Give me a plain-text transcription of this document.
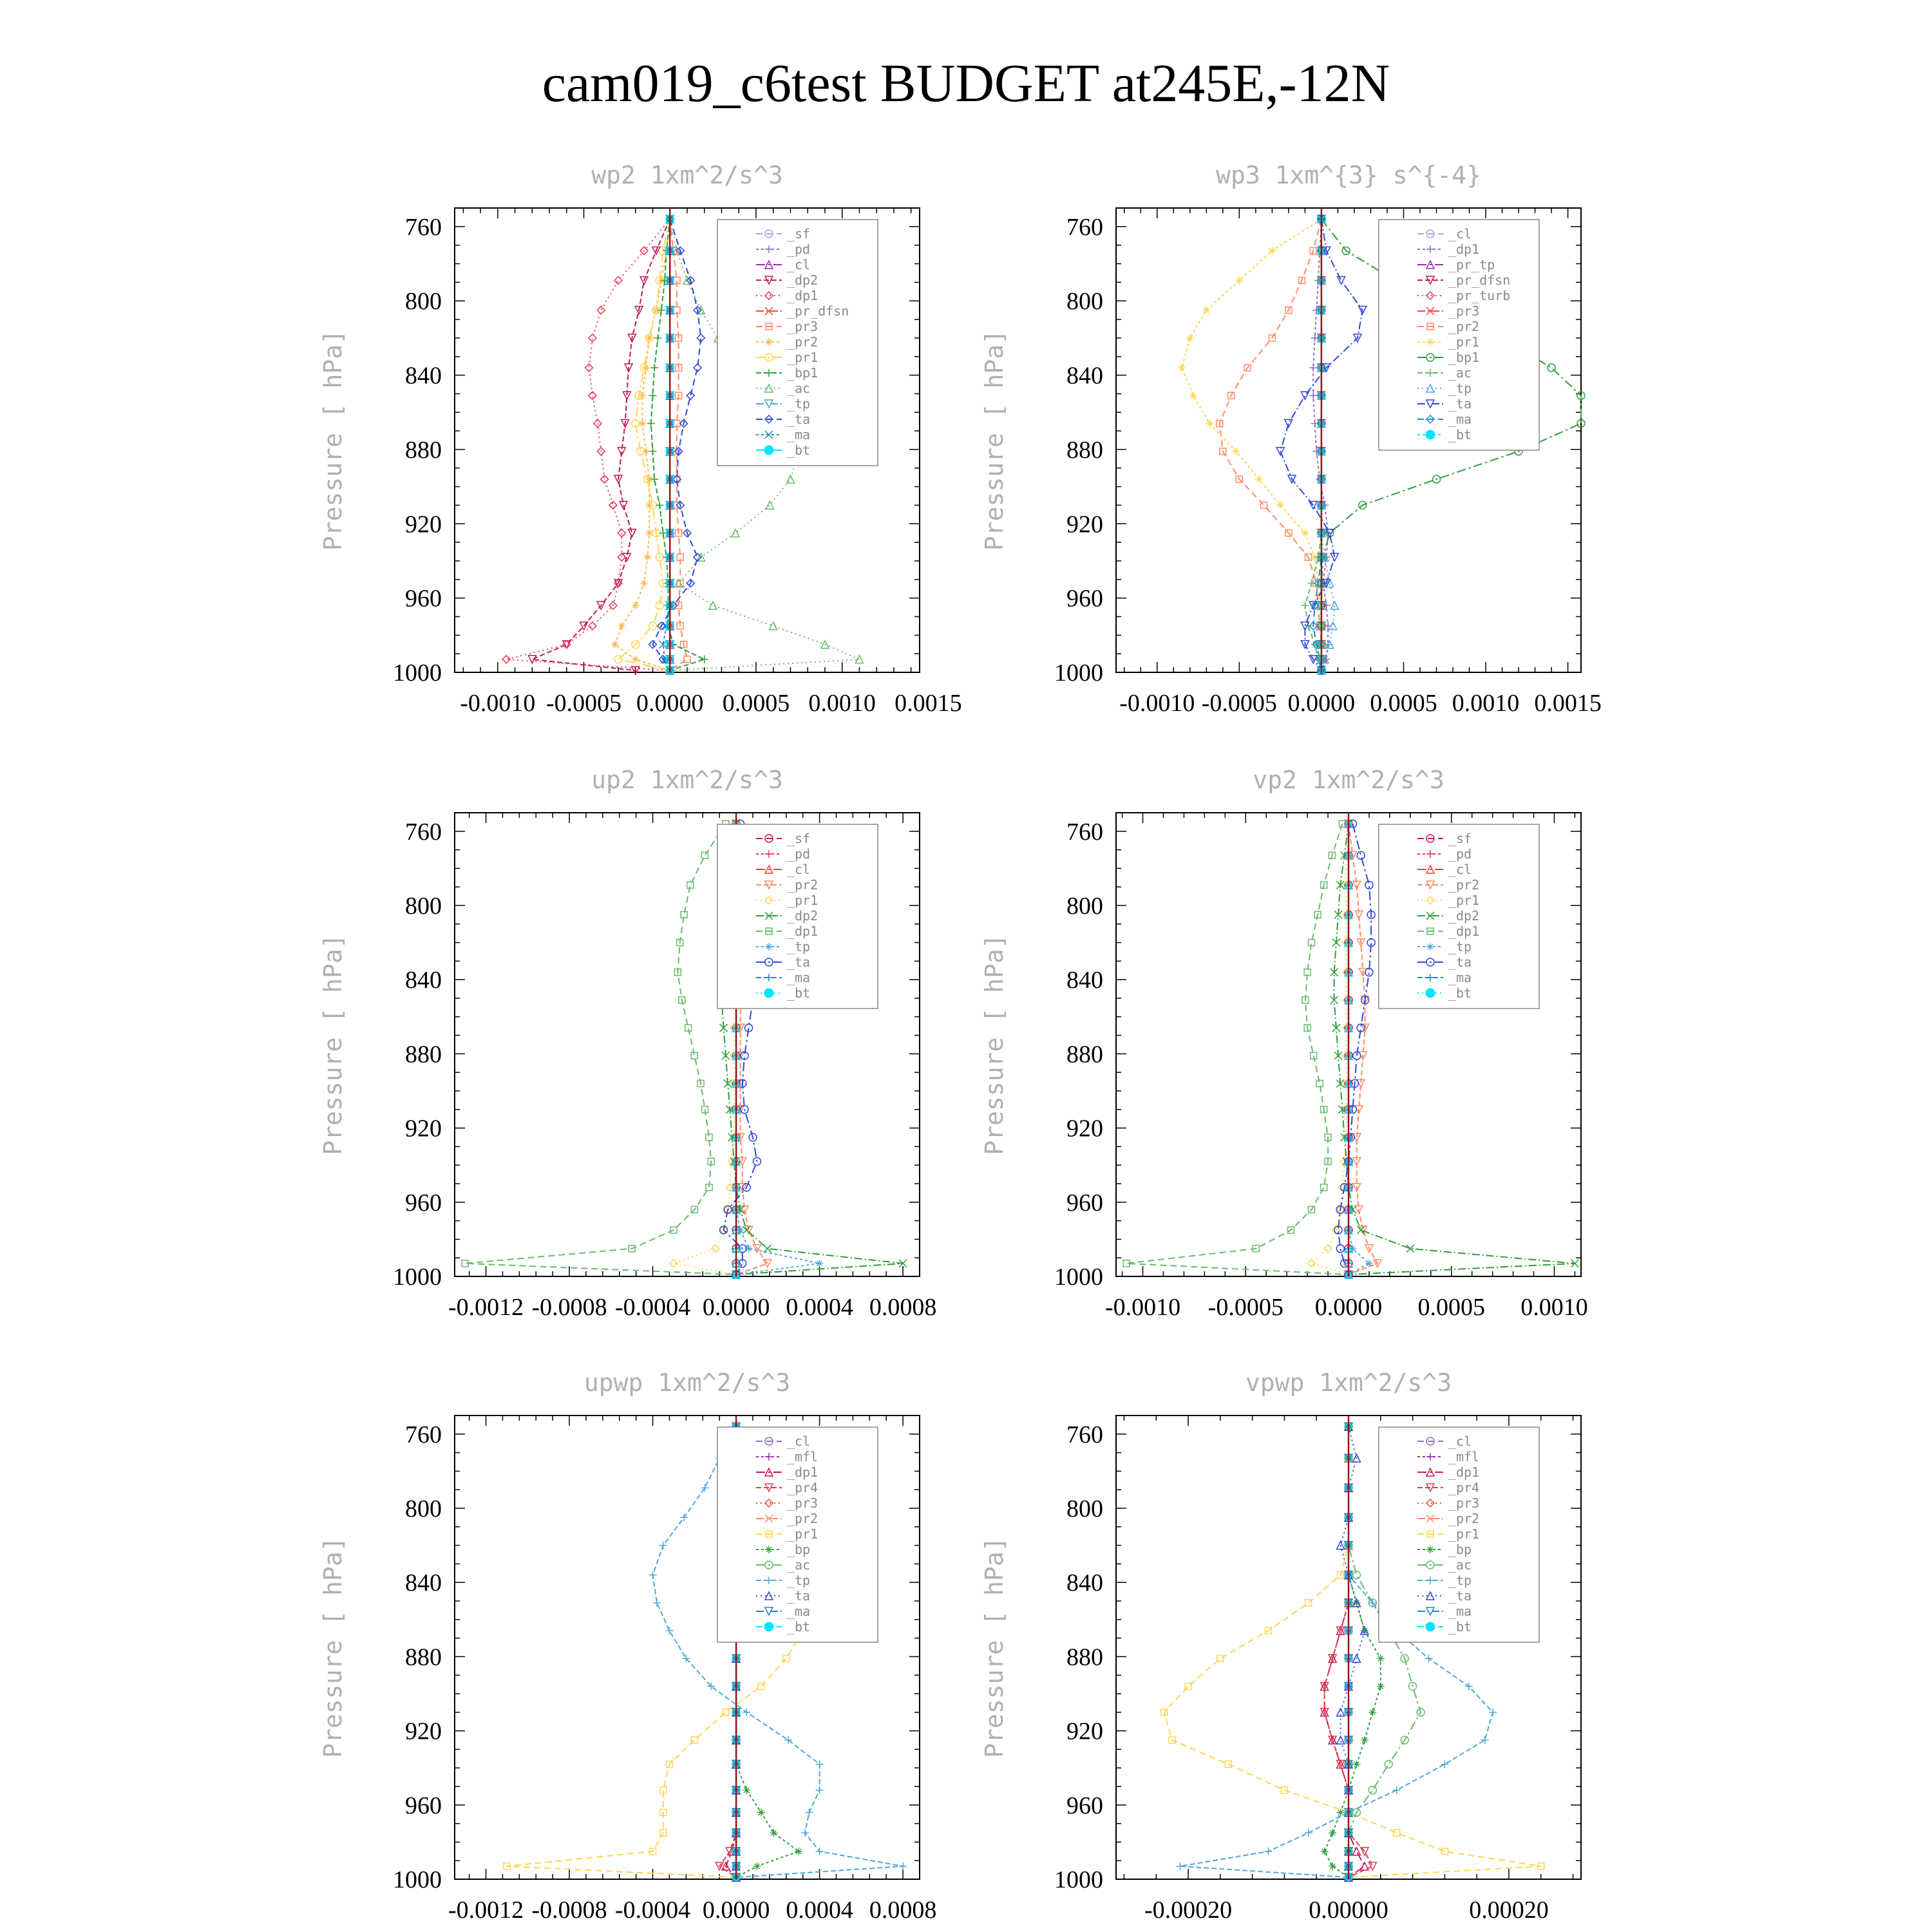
cam019_c6test BUDGET at245E,-12N
wp2 1xm^2/s^3
Pressure [ hPa]
760
800
840
880
920
960
1000
-0.0010 -0.0005 0.0000 0.0005 0.0010 0.0015
_sf
_pd
_cl
_dp2
_dp1
_pr_dfsn
_pr3
_pr2
_pr1
_bp1
_ac
_tp
_ta
_ma
_bt
wp3 1xm^{3} s^{-4}
Pressure [ hPa]
760
800
840
880
920
960
1000
-0.0010 -0.0005 0.0000 0.0005 0.0010 0.0015
_cl
_dp1
_pr_tp
_pr_dfsn
_pr_turb
_pr3
_pr2
_pr1
_bp1
_ac
_tp
_ta
_ma
_bt
up2 1xm^2/s^3
Pressure [ hPa]
760
800
840
880
920
960
1000
-0.0012 -0.0008 -0.0004 0.0000 0.0004 0.0008
_sf
_pd
_cl
_pr2
_pr1
_dp2
_dp1
_tp
_ta
_ma
_bt
vp2 1xm^2/s^3
Pressure [ hPa]
760
800
840
880
920
960
1000
-0.0010 -0.0005 0.0000 0.0005 0.0010
_sf
_pd
_cl
_pr2
_pr1
_dp2
_dp1
_tp
_ta
_ma
_bt
upwp 1xm^2/s^3
Pressure [ hPa]
760
800
840
880
920
960
1000
-0.0012 -0.0008 -0.0004 0.0000 0.0004 0.0008
_cl
_mfl
_dp1
_pr4
_pr3
_pr2
_pr1
_bp
_ac
_tp
_ta
_ma
_bt
vpwp 1xm^2/s^3
Pressure [ hPa]
760
800
840
880
920
960
1000
-0.00020	0.00000	0.00020
_cl
_mfl
_dp1
_pr4
_pr3
_pr2
_pr1
_bp
_ac
_tp
_ta
_ma
_bt
